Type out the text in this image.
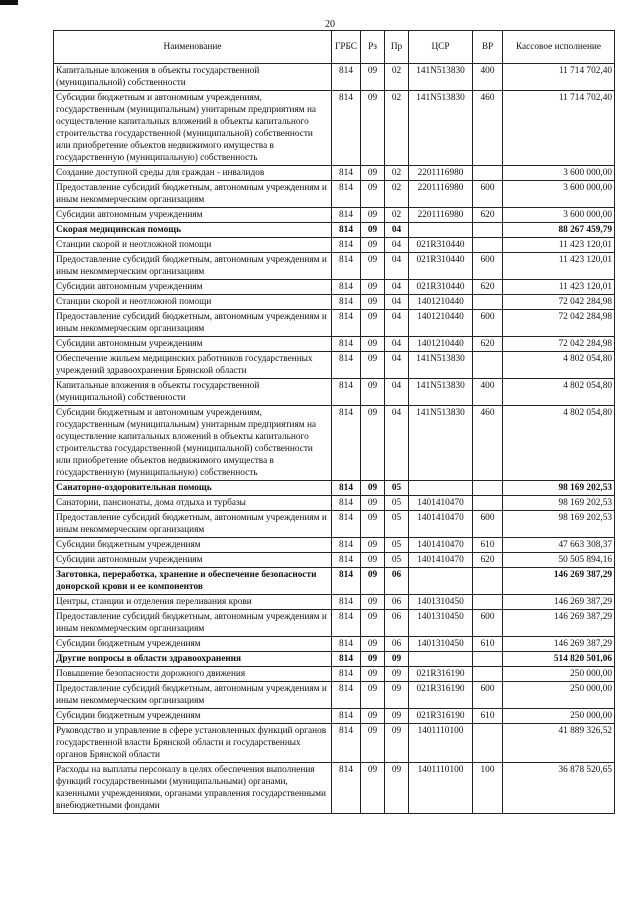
20
Наименование	ГРБС	Рз	Пр	ЦСР	ВР	Кассовое исполнение
Капитальные вложения в объекты государственной (муниципальной) собственности	814	09	02	141N513830	400	11 714 702,40
Субсидии бюджетным и автономным учреждениям, государственным (муниципальным) унитарным предприятиям на осуществление капитальных вложений в объекты капитального строительства государственной (муниципальной) собственности или приобретение объектов недвижимого имущества в государственную (муниципальную) собственность	814	09	02	141N513830	460	11 714 702,40
Создание доступной среды для граждан - инвалидов	814	09	02	2201116980		3 600 000,00
Предоставление субсидий бюджетным, автономным учреждениям и иным некоммерческим организациям	814	09	02	2201116980	600	3 600 000,00
Субсидии автономным учреждениям	814	09	02	2201116980	620	3 600 000,00
Скорая медицинская помощь	814	09	04			88 267 459,79
Станции скорой и неотложной помощи	814	09	04	021R310440		11 423 120,01
Предоставление субсидий бюджетным, автономным учреждениям и иным некоммерческим организациям	814	09	04	021R310440	600	11 423 120,01
Субсидии автономным учреждениям	814	09	04	021R310440	620	11 423 120,01
Станции скорой и неотложной помощи	814	09	04	1401210440		72 042 284,98
Предоставление субсидий бюджетным, автономным учреждениям и иным некоммерческим организациям	814	09	04	1401210440	600	72 042 284,98
Субсидии автономным учреждениям	814	09	04	1401210440	620	72 042 284,98
Обеспечение жильем медицинских работников государственных учреждений здравоохранения Брянской области	814	09	04	141N513830		4 802 054,80
Капитальные вложения в объекты государственной (муниципальной) собственности	814	09	04	141N513830	400	4 802 054,80
Субсидии бюджетным и автономным учреждениям, государственным (муниципальным) унитарным предприятиям на осуществление капитальных вложений в объекты капитального строительства государственной (муниципальной) собственности или приобретение объектов недвижимого имущества в государственную (муниципальную) собственность	814	09	04	141N513830	460	4 802 054,80
Санаторно-оздоровительная помощь	814	09	05			98 169 202,53
Санатории, пансионаты, дома отдыха и турбазы	814	09	05	1401410470		98 169 202,53
Предоставление субсидий бюджетным, автономным учреждениям и иным некоммерческим организациям	814	09	05	1401410470	600	98 169 202,53
Субсидии бюджетным учреждениям	814	09	05	1401410470	610	47 663 308,37
Субсидии автономным учреждениям	814	09	05	1401410470	620	50 505 894,16
Заготовка, переработка, хранение и обеспечение безопасности донорской крови и ее компонентов	814	09	06			146 269 387,29
Центры, станции и отделения переливания крови	814	09	06	1401310450		146 269 387,29
Предоставление субсидий бюджетным, автономным учреждениям и иным некоммерческим организациям	814	09	06	1401310450	600	146 269 387,29
Субсидии бюджетным учреждениям	814	09	06	1401310450	610	146 269 387,29
Другие вопросы в области здравоохранения	814	09	09			514 820 501,06
Повышение безопасности дорожного движения	814	09	09	021R316190		250 000,00
Предоставление субсидий бюджетным, автономным учреждениям и иным некоммерческим организациям	814	09	09	021R316190	600	250 000,00
Субсидии бюджетным учреждениям	814	09	09	021R316190	610	250 000,00
Руководство и управление в сфере установленных функций органов государственной власти Брянской области и государственных органов Брянской области	814	09	09	1401110100		41 889 326,52
Расходы на выплаты персоналу в целях обеспечения выполнения функций государственными (муниципальными) органами, казенными учреждениями, органами управления государственными внебюджетными фондами	814	09	09	1401110100	100	36 878 520,65
